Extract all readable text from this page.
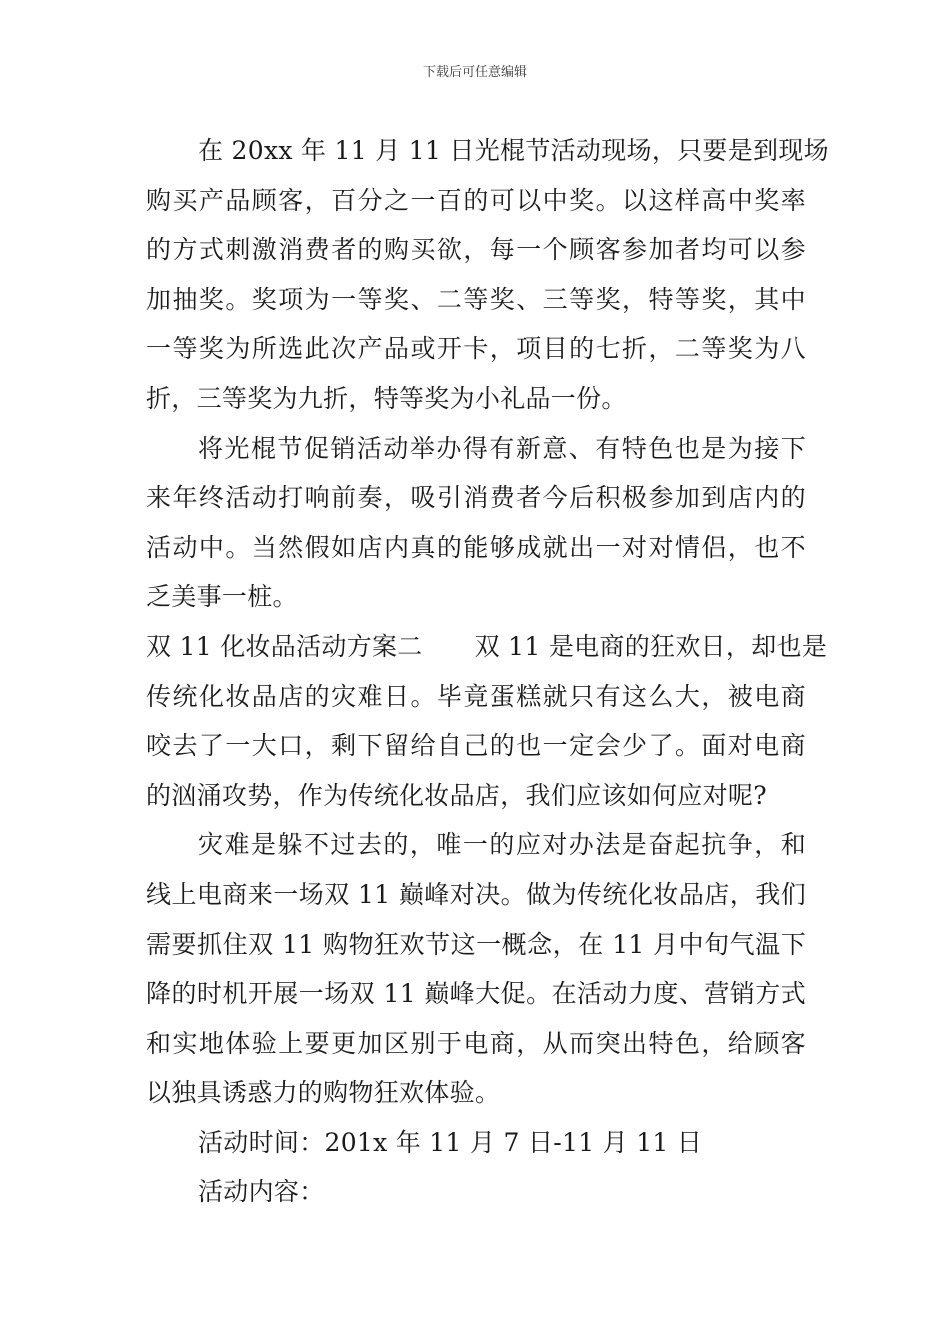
下载后可任意编辑
在 20xx 年 11 月 11 日光棍节活动现场，只要是到现场
购买产品顾客，百分之一百的可以中奖。以这样高中奖率
的方式刺激消费者的购买欲，每一个顾客参加者均可以参
加抽奖。奖项为一等奖、二等奖、三等奖，特等奖，其中
一等奖为所选此次产品或开卡，项目的七折，二等奖为八
折，三等奖为九折，特等奖为小礼品一份。
将光棍节促销活动举办得有新意、有特色也是为接下
来年终活动打响前奏，吸引消费者今后积极参加到店内的
活动中。当然假如店内真的能够成就出一对对情侣，也不
乏美事一桩。
双 11 化妆品活动方案二 双 11 是电商的狂欢日，却也是
传统化妆品店的灾难日。毕竟蛋糕就只有这么大，被电商
咬去了一大口，剩下留给自己的也一定会少了。面对电商
的汹涌攻势，作为传统化妆品店，我们应该如何应对呢?
灾难是躲不过去的，唯一的应对办法是奋起抗争，和
线上电商来一场双 11 巅峰对决。做为传统化妆品店，我们
需要抓住双 11 购物狂欢节这一概念，在 11 月中旬气温下
降的时机开展一场双 11 巅峰大促。在活动力度、营销方式
和实地体验上要更加区别于电商，从而突出特色，给顾客
以独具诱惑力的购物狂欢体验。
活动时间：201x 年 11 月 7 日-11 月 11 日
活动内容：
